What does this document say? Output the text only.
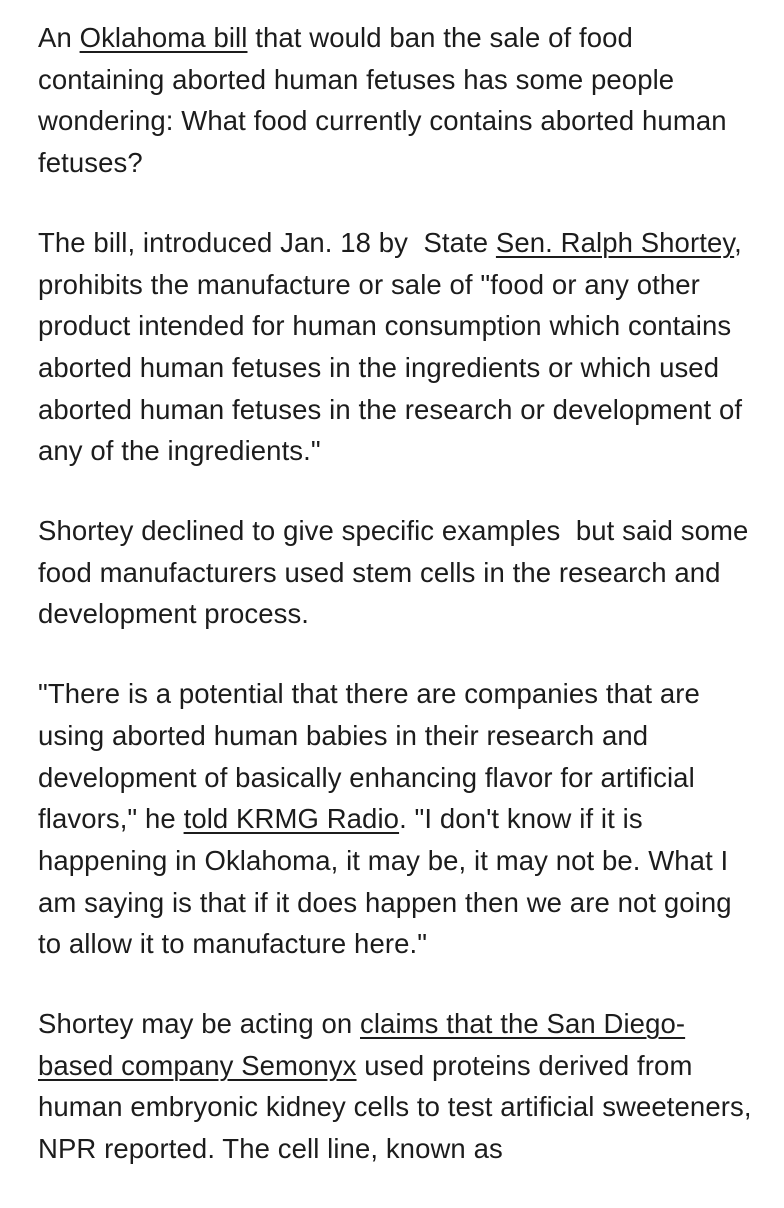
An Oklahoma bill that would ban the sale of food containing aborted human fetuses has some people wondering: What food currently contains aborted human fetuses?

The bill, introduced Jan. 18 by  State Sen. Ralph Shortey, prohibits the manufacture or sale of "food or any other product intended for human consumption which contains aborted human fetuses in the ingredients or which used aborted human fetuses in the research or development of any of the ingredients."

Shortey declined to give specific examples  but said some food manufacturers used stem cells in the research and development process.

"There is a potential that there are companies that are using aborted human babies in their research and development of basically enhancing flavor for artificial flavors," he told KRMG Radio. "I don't know if it is happening in Oklahoma, it may be, it may not be. What I am saying is that if it does happen then we are not going to allow it to manufacture here."

Shortey may be acting on claims that the San Diego-based company Semonyx used proteins derived from human embryonic kidney cells to test artificial sweeteners, NPR reported. The cell line, known as
